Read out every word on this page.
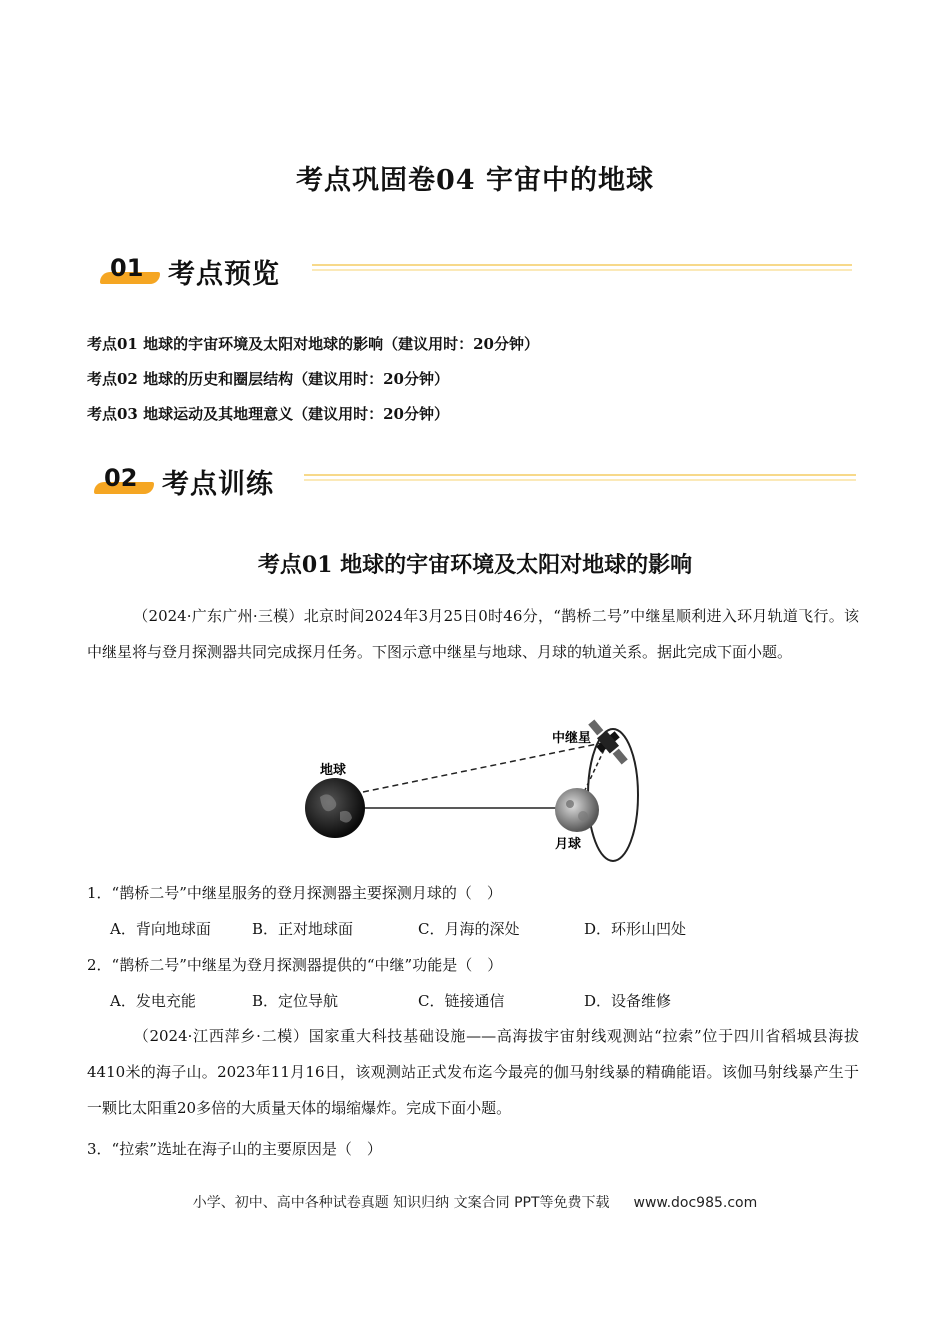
考点巩固卷04 宇宙中的地球
01 考点预览
考点01 地球的宇宙环境及太阳对地球的影响（建议用时：20分钟）
考点02 地球的历史和圈层结构（建议用时：20分钟）
考点03 地球运动及其地理意义（建议用时：20分钟）
02 考点训练
考点01 地球的宇宙环境及太阳对地球的影响
（2024·广东广州·三模）北京时间2024年3月25日0时46分，“鹊桥二号”中继星顺利进入环月轨道飞行。该中继星将与登月探测器共同完成探月任务。下图示意中继星与地球、月球的轨道关系。据此完成下面小题。
地球
月球
中继星
1．“鹊桥二号”中继星服务的登月探测器主要探测月球的（　）
A．背向地球面	B．正对地球面	C．月海的深处	D．环形山凹处
2．“鹊桥二号”中继星为登月探测器提供的“中继”功能是（　）
A．发电充能	B．定位导航	C．链接通信	D．设备维修
（2024·江西萍乡·二模）国家重大科技基础设施——高海拔宇宙射线观测站“拉索”位于四川省稻城县海拔4410米的海子山。2023年11月16日，该观测站正式发布迄今最亮的伽马射线暴的精确能语。该伽马射线暴产生于一颗比太阳重20多倍的大质量天体的塌缩爆炸。完成下面小题。
3．“拉索”选址在海子山的主要原因是（　）
小学、初中、高中各种试卷真题 知识归纳 文案合同 PPT等免费下载 www.doc985.com
